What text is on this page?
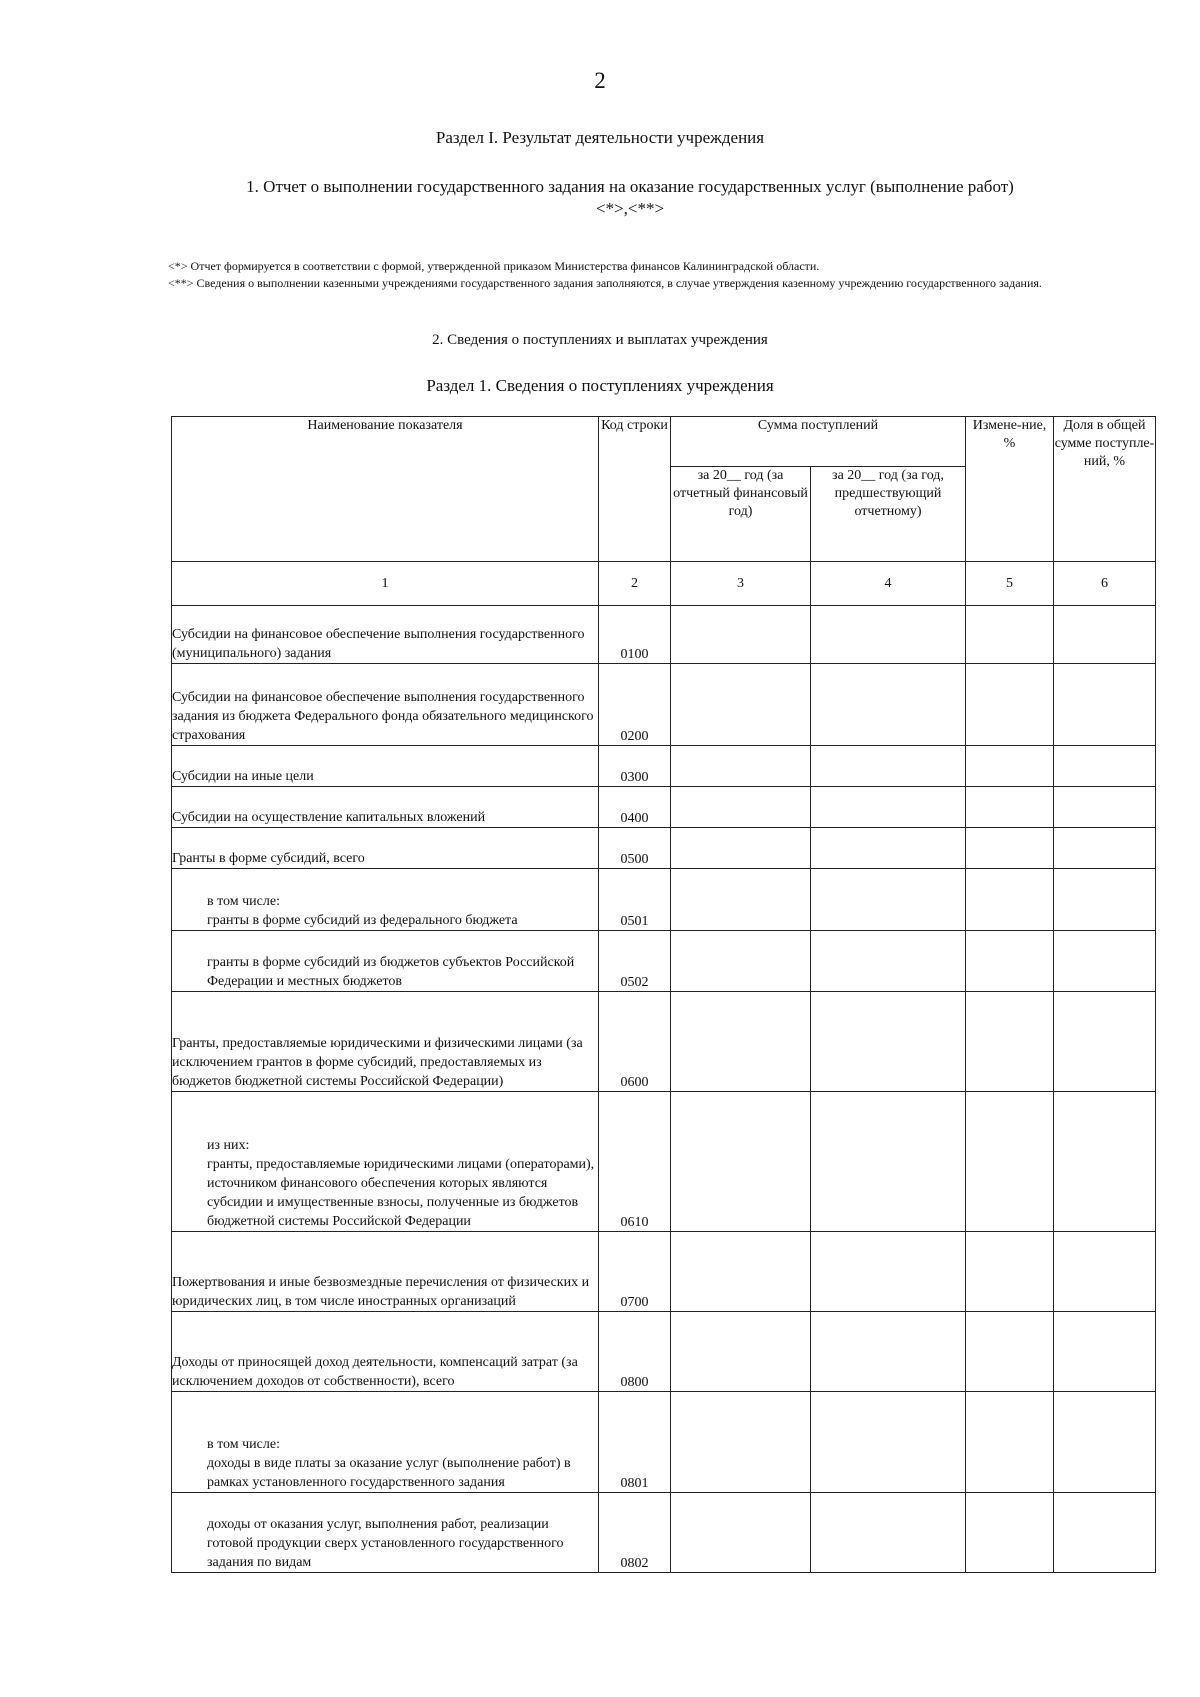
2
Раздел I. Результат деятельности учреждения
1. Отчет о выполнении государственного задания на оказание государственных услуг (выполнение работ)
<*>,<**>

<*> Отчет формируется в соответствии с формой, утвержденной приказом Министерства финансов Калининградской области.

<**> Сведения о выполнении казенными учреждениями государственного задания заполняются, в случае утверждения казенному учреждению государственного задания.

2. Сведения о поступлениях и выплатах учреждения
Раздел 1. Сведения о поступлениях учреждения
Наименование показателя	Код строки	Сумма поступлений		Измене-ние, %	Доля в общей сумме поступле-ний, %
		за 20__ год (за отчетный финансовый год)	за 20__ год (за год, предшествующий отчетному)		
1	2	3	4	5	6
Субсидии на финансовое обеспечение выполнения государственного (муниципального) задания	0100				
Субсидии на финансовое обеспечение выполнения государственного задания из бюджета Федерального фонда обязательного медицинского страхования	0200				
Субсидии на иные цели	0300				
Субсидии на осуществление капитальных вложений	0400				
Гранты в форме субсидий, всего	0500				
в том числе:
гранты в форме субсидий из федерального бюджета	0501				
гранты в форме субсидий из бюджетов субъектов Российской Федерации и местных бюджетов	0502				
Гранты, предоставляемые юридическими и физическими лицами (за исключением грантов в форме субсидий, предоставляемых из бюджетов бюджетной системы Российской Федерации)	0600				
из них:
гранты, предоставляемые юридическими лицами (операторами), источником финансового обеспечения которых являются субсидии и имущественные взносы, полученные из бюджетов бюджетной системы Российской Федерации	0610				
Пожертвования и иные безвозмездные перечисления от физических и юридических лиц, в том числе иностранных организаций	0700				
Доходы от приносящей доход деятельности, компенсаций затрат (за исключением доходов от собственности), всего	0800				
в том числе:
доходы в виде платы за оказание услуг (выполнение работ) в рамках установленного государственного задания	0801				
доходы от оказания услуг, выполнения работ, реализации готовой продукции сверх установленного государственного задания по видам	0802				
